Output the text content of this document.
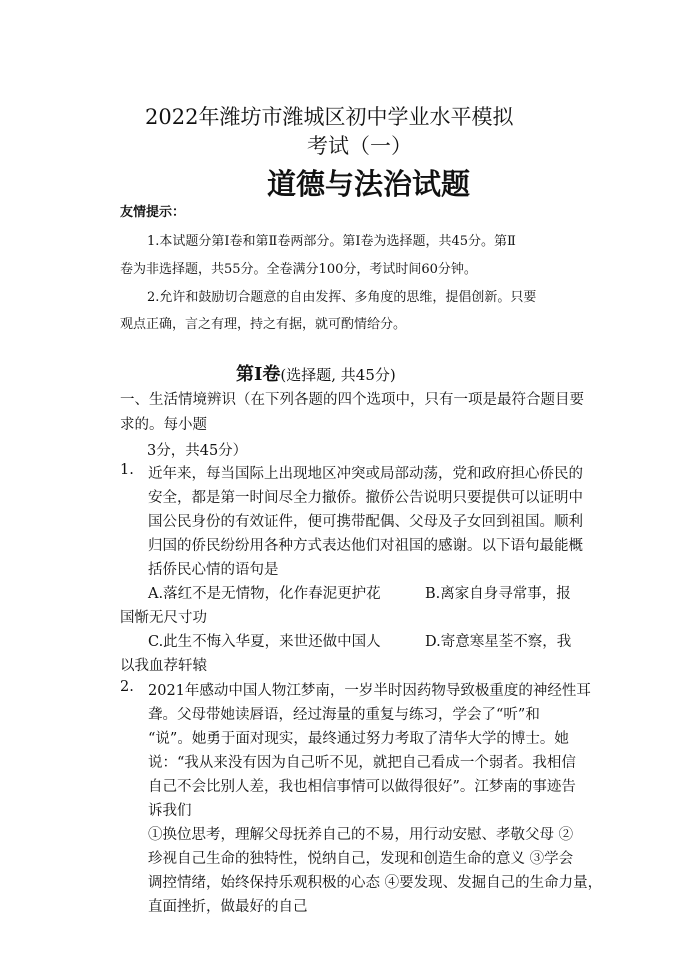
2022年潍坊市潍城区初中学业水平模拟
考试（一）
道德与法治试题
友情提示：
1.本试题分第Ⅰ卷和第Ⅱ卷两部分。第Ⅰ卷为选择题，共45分。第Ⅱ
卷为非选择题，共55分。全卷满分100分，考试时间60分钟。
2.允许和鼓励切合题意的自由发挥、多角度的思维，提倡创新。只要
观点正确，言之有理，持之有据，就可酌情给分。
第Ⅰ卷(选择题, 共45分)
一、生活情境辨识（在下列各题的四个选项中，只有一项是最符合题目要
求的。每小题
3分，共45分）
1. 近年来，每当国际上出现地区冲突或局部动荡，党和政府担心侨民的
安全，都是第一时间尽全力撤侨。撤侨公告说明只要提供可以证明中
国公民身份的有效证件，便可携带配偶、父母及子女回到祖国。顺利
归国的侨民纷纷用各种方式表达他们对祖国的感谢。以下语句最能概
括侨民心情的语句是
A.落红不是无情物，化作春泥更护花	B.离家自身寻常事，报
国惭无尺寸功
C.此生不悔入华夏，来世还做中国人	D.寄意寒星荃不察，我
以我血荐轩辕
2. 2021年感动中国人物江梦南，一岁半时因药物导致极重度的神经性耳
聋。父母带她读唇语，经过海量的重复与练习，学会了“听”和
“说”。她勇于面对现实，最终通过努力考取了清华大学的博士。她
说：“我从来没有因为自己听不见，就把自己看成一个弱者。我相信
自己不会比别人差，我也相信事情可以做得很好”。江梦南的事迹告
诉我们
①换位思考，理解父母抚养自己的不易，用行动安慰、孝敬父母 ②
珍视自己生命的独特性，悦纳自己，发现和创造生命的意义 ③学会
调控情绪，始终保持乐观积极的心态 ④要发现、发掘自己的生命力量，
直面挫折，做最好的自己
